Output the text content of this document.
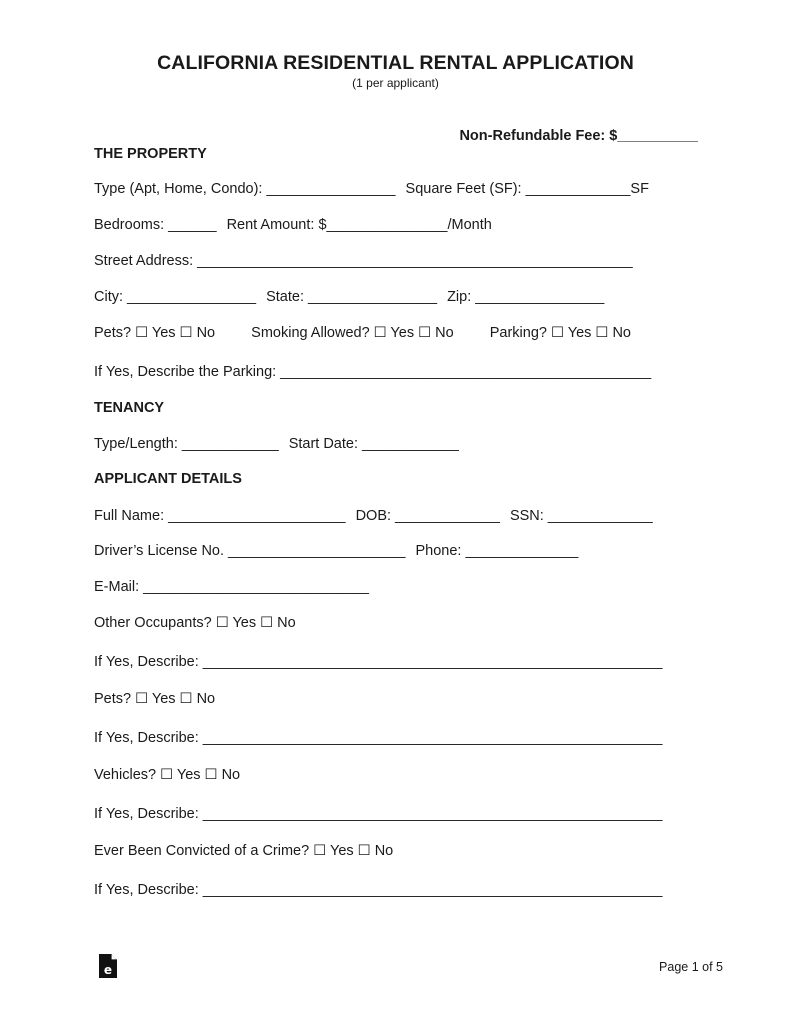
CALIFORNIA RESIDENTIAL RENTAL APPLICATION
(1 per applicant)
Non-Refundable Fee: $__________
THE PROPERTY
Type (Apt, Home, Condo): ________________ Square Feet (SF): _____________SF
Bedrooms: ______ Rent Amount: $_______________/Month
Street Address: ______________________________________________________
City: ________________ State: ________________ Zip: ________________
Pets? ☐ Yes ☐ No Smoking Allowed? ☐ Yes ☐ No Parking? ☐ Yes ☐ No
If Yes, Describe the Parking: ______________________________________________
TENANCY
Type/Length: ____________ Start Date: ____________
APPLICANT DETAILS
Full Name: ______________________ DOB: _____________ SSN: _____________
Driver’s License No. ______________________ Phone: ______________
E-Mail: ____________________________
Other Occupants? ☐ Yes ☐ No
If Yes, Describe: _________________________________________________________
Pets? ☐ Yes ☐ No
If Yes, Describe: _________________________________________________________
Vehicles? ☐ Yes ☐ No
If Yes, Describe: _________________________________________________________
Ever Been Convicted of a Crime? ☐ Yes ☐ No
If Yes, Describe: _________________________________________________________
e	Page 1 of 5
